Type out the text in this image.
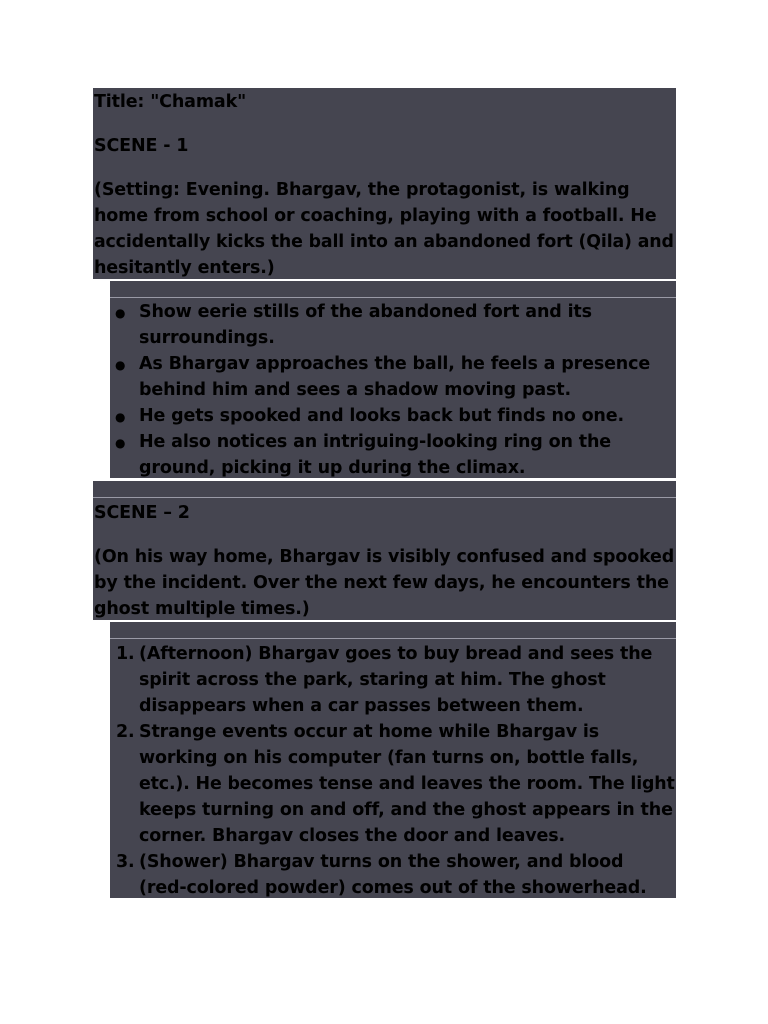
Title: "Chamak"
SCENE - 1
(Setting: Evening. Bhargav, the protagonist, is walking
home from school or coaching, playing with a football. He
accidentally kicks the ball into an abandoned fort (Qila) and
hesitantly enters.)
● Show eerie stills of the abandoned fort and its
surroundings.
● As Bhargav approaches the ball, he feels a presence
behind him and sees a shadow moving past.
● He gets spooked and looks back but finds no one.
● He also notices an intriguing-looking ring on the
ground, picking it up during the climax.
SCENE – 2
(On his way home, Bhargav is visibly confused and spooked
by the incident. Over the next few days, he encounters the
ghost multiple times.)
1. (Afternoon) Bhargav goes to buy bread and sees the
spirit across the park, staring at him. The ghost
disappears when a car passes between them.
2. Strange events occur at home while Bhargav is
working on his computer (fan turns on, bottle falls,
etc.). He becomes tense and leaves the room. The light
keeps turning on and off, and the ghost appears in the
corner. Bhargav closes the door and leaves.
3. (Shower) Bhargav turns on the shower, and blood
(red-colored powder) comes out of the showerhead.
